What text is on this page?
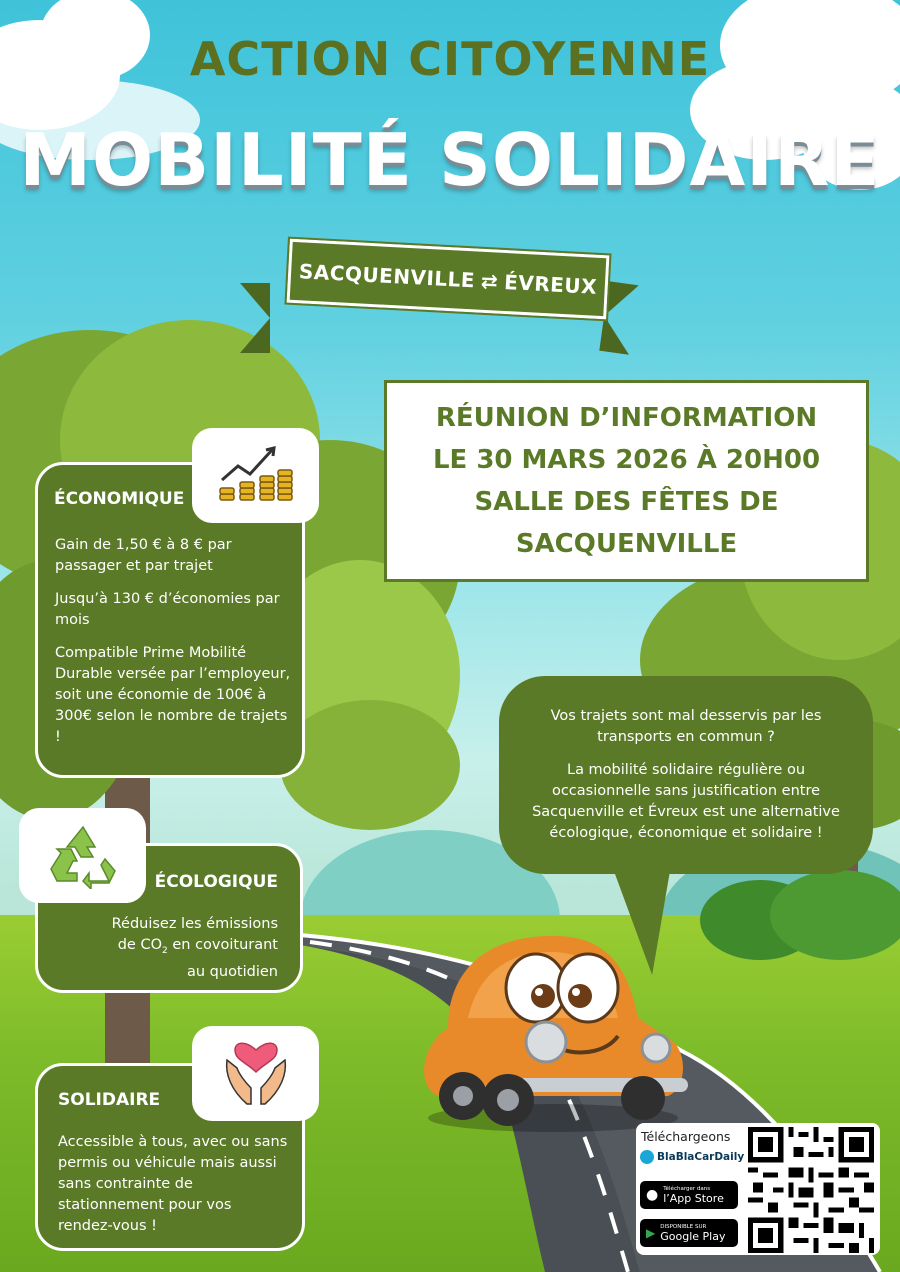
ACTION CITOYENNE
MOBILITÉ SOLIDAIRE
SACQUENVILLE ⇄ ÉVREUX
RÉUNION D’INFORMATION
LE 30 MARS 2026 À 20H00
SALLE DES FÊTES DE
SACQUENVILLE
ÉCONOMIQUE

Gain de 1,50 € à 8 € par passager et par trajet

Jusqu’à 130 € d’économies par mois

Compatible Prime Mobilité Durable versée par l’employeur, soit une économie de 100€ à 300€ selon le nombre de trajets !

ÉCOLOGIQUE

Réduisez les émissions

de $CO_2$ en covoiturant

au quotidien

SOLIDAIRE

Accessible à tous, avec ou sans permis ou véhicule mais aussi sans contrainte de stationnement pour vos rendez-vous !

Vos trajets sont mal desservis par les transports en commun ?

La mobilité solidaire régulière ou occasionnelle sans justification entre Sacquenville et Évreux est une alternative écologique, économique et solidaire !

Téléchargeons
BlaBlaCarDaily
● Télécharger dans
l’App Store
▶ DISPONIBLE SUR
Google Play
